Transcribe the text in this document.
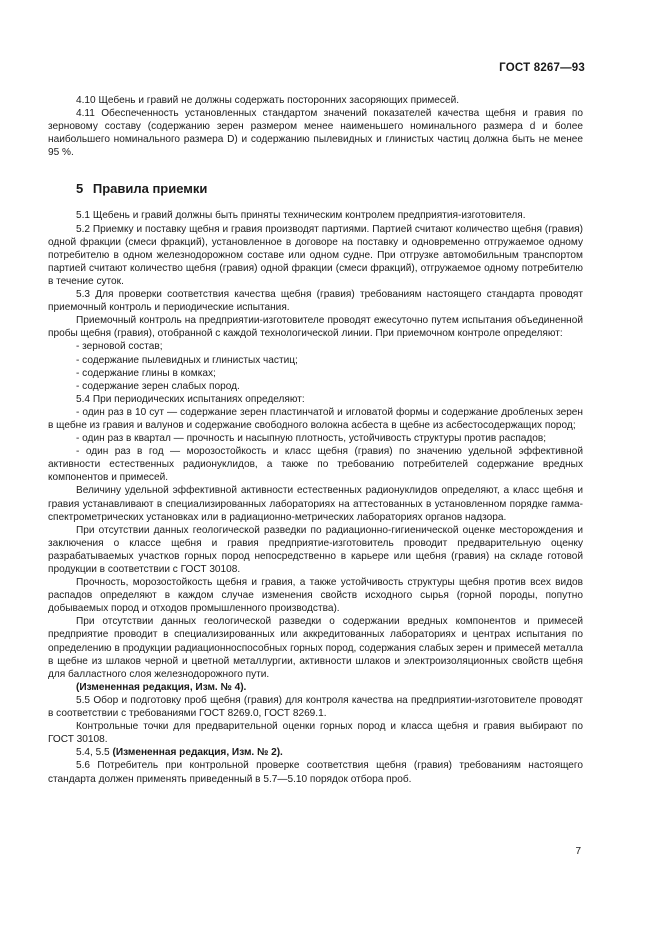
ГОСТ 8267—93

4.10 Щебень и гравий не должны содержать посторонних засоряющих примесей.

4.11 Обеспеченность установленных стандартом значений показателей качества щебня и гравия по зерновому составу (содержанию зерен размером менее наименьшего номинального размера d и более наибольшего номинального размера D) и содержанию пылевидных и глинистых частиц должна быть не менее 95 %.

5 Правила приемки

5.1 Щебень и гравий должны быть приняты техническим контролем предприятия-изготовителя.

5.2 Приемку и поставку щебня и гравия производят партиями. Партией считают количество щебня (гравия) одной фракции (смеси фракций), установленное в договоре на поставку и одновременно отгружаемое одному потребителю в одном железнодорожном составе или одном судне. При отгрузке автомобильным транспортом партией считают количество щебня (гравия) одной фракции (смеси фракций), отгружаемое одному потребителю в течение суток.

5.3 Для проверки соответствия качества щебня (гравия) требованиям настоящего стандарта проводят приемочный контроль и периодические испытания.

Приемочный контроль на предприятии-изготовителе проводят ежесуточно путем испытания объединенной пробы щебня (гравия), отобранной с каждой технологической линии. При приемочном контроле определяют:

- зерновой состав;

- содержание пылевидных и глинистых частиц;

- содержание глины в комках;

- содержание зерен слабых пород.

5.4 При периодических испытаниях определяют:

- один раз в 10 сут — содержание зерен пластинчатой и игловатой формы и содержание дробленых зерен в щебне из гравия и валунов и содержание свободного волокна асбеста в щебне из асбестосодержащих пород;

- один раз в квартал — прочность и насыпную плотность, устойчивость структуры против распадов;

- один раз в год — морозостойкость и класс щебня (гравия) по значению удельной эффективной активности естественных радионуклидов, а также по требованию потребителей содержание вредных компонентов и примесей.

Величину удельной эффективной активности естественных радионуклидов определяют, а класс щебня и гравия устанавливают в специализированных лабораториях на аттестованных в установленном порядке гамма-спектрометрических установках или в радиационно-метрических лабораториях органов надзора.

При отсутствии данных геологической разведки по радиационно-гигиенической оценке месторождения и заключения о классе щебня и гравия предприятие-изготовитель проводит предварительную оценку разрабатываемых участков горных пород непосредственно в карьере или щебня (гравия) на складе готовой продукции в соответствии с ГОСТ 30108.

Прочность, морозостойкость щебня и гравия, а также устойчивость структуры щебня против всех видов распадов определяют в каждом случае изменения свойств исходного сырья (горной породы, попутно добываемых пород и отходов промышленного производства).

При отсутствии данных геологической разведки о содержании вредных компонентов и примесей предприятие проводит в специализированных или аккредитованных лабораториях и центрах испытания по определению в продукции радиационноспособных горных пород, содержания слабых зерен и примесей металла в щебне из шлаков черной и цветной металлургии, активности шлаков и электроизоляционных свойств щебня для балластного слоя железнодорожного пути.

(Измененная редакция, Изм. № 4).

5.5 Обор и подготовку проб щебня (гравия) для контроля качества на предприятии-изготовителе проводят в соответствии с требованиями ГОСТ 8269.0, ГОСТ 8269.1.

Контрольные точки для предварительной оценки горных пород и класса щебня и гравия выбирают по ГОСТ 30108.

5.4, 5.5 (Измененная редакция, Изм. № 2).

5.6 Потребитель при контрольной проверке соответствия щебня (гравия) требованиям настоящего стандарта должен применять приведенный в 5.7—5.10 порядок отбора проб.

7
